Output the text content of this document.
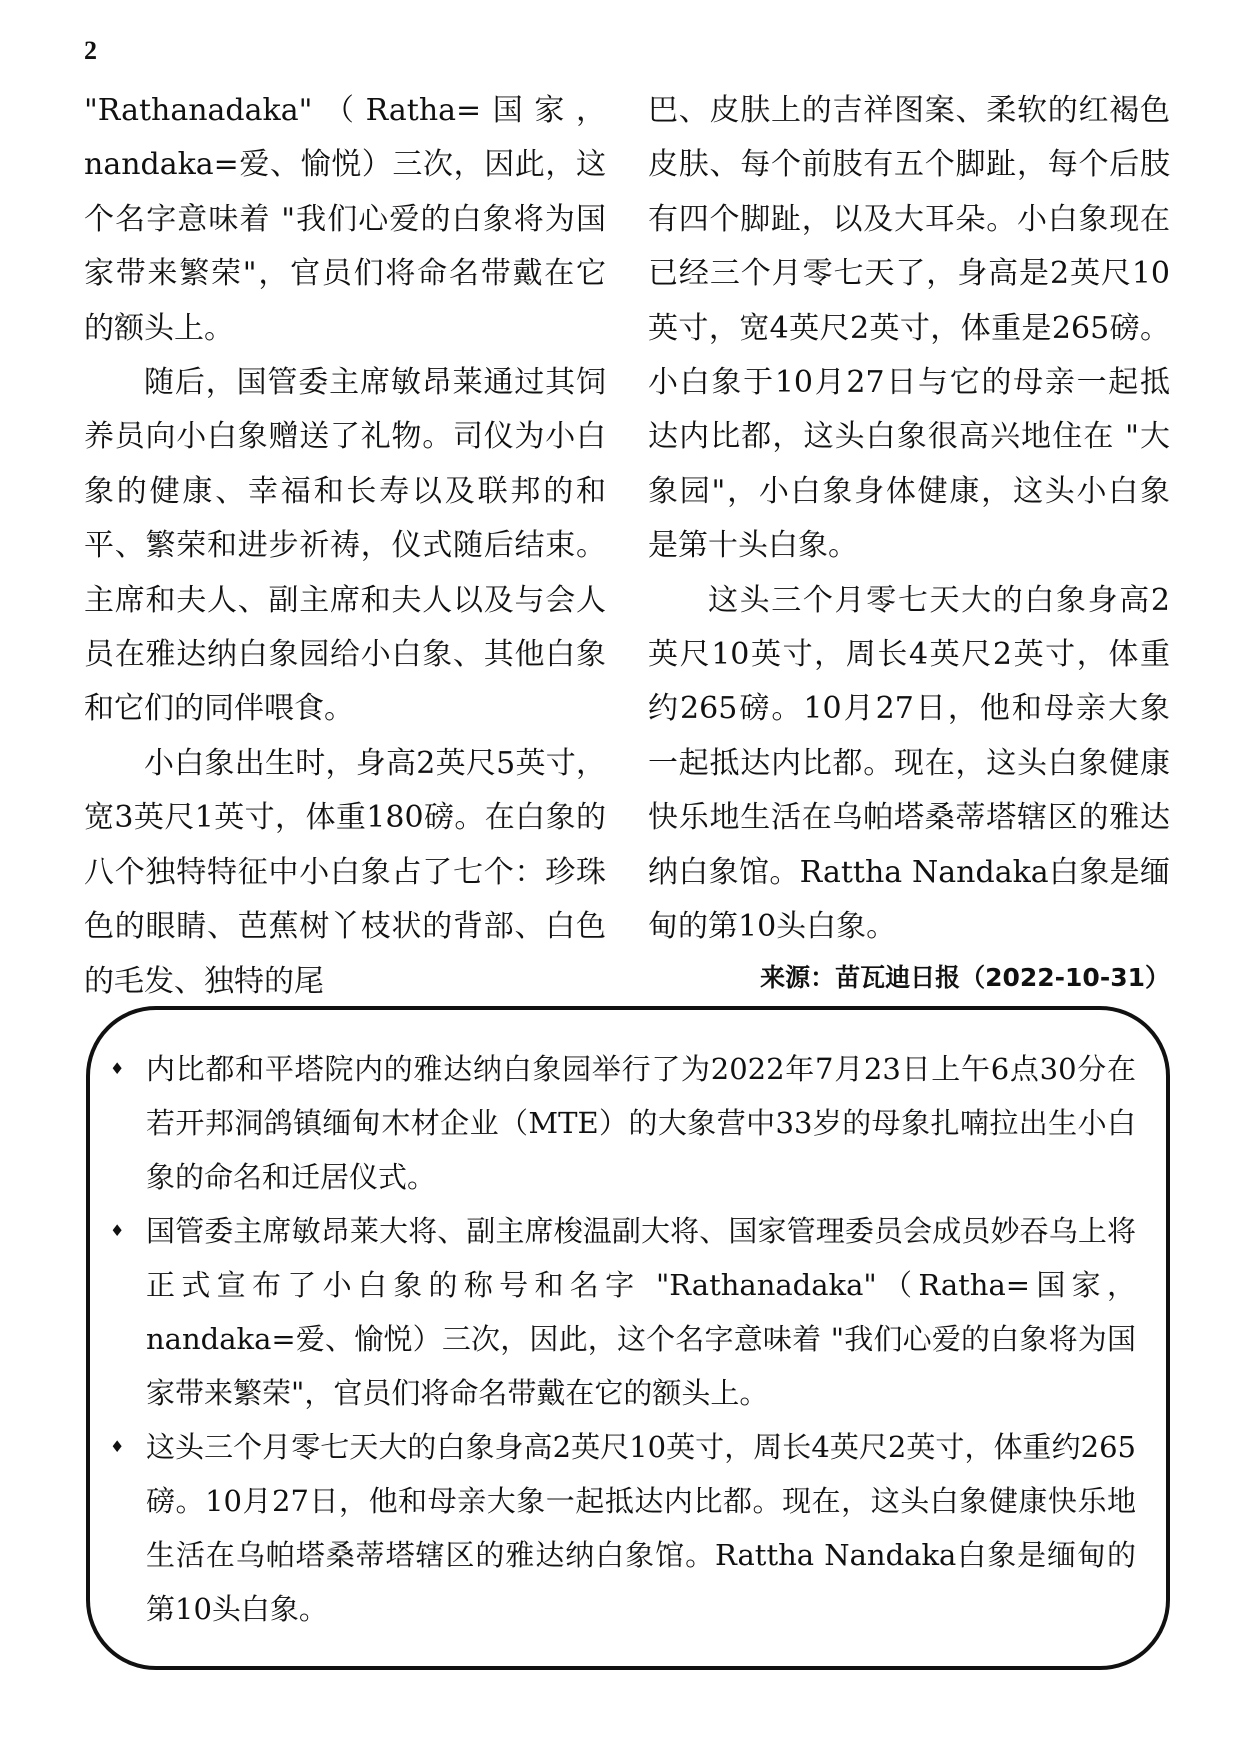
2

"Rathanadaka"（Ratha=国家，nandaka=爱、愉悦）三次，因此，这个名字意味着 "我们心爱的白象将为国家带来繁荣"，官员们将命名带戴在它的额头上。

随后，国管委主席敏昂莱通过其饲养员向小白象赠送了礼物。司仪为小白象的健康、幸福和长寿以及联邦的和平、繁荣和进步祈祷，仪式随后结束。主席和夫人、副主席和夫人以及与会人员在雅达纳白象园给小白象、其他白象和它们的同伴喂食。

小白象出生时，身高2英尺5英寸，宽3英尺1英寸，体重180磅。在白象的八个独特特征中小白象占了七个：珍珠色的眼睛、芭蕉树丫枝状的背部、白色的毛发、独特的尾

巴、皮肤上的吉祥图案、柔软的红褐色皮肤、每个前肢有五个脚趾，每个后肢有四个脚趾，以及大耳朵。小白象现在已经三个月零七天了，身高是2英尺10英寸，宽4英尺2英寸，体重是265磅。小白象于10月27日与它的母亲一起抵达内比都，这头白象很高兴地住在 "大象园"，小白象身体健康，这头小白象是第十头白象。

这头三个月零七天大的白象身高2英尺10英寸，周长4英尺2英寸，体重约265磅。10月27日，他和母亲大象一起抵达内比都。现在，这头白象健康快乐地生活在乌帕塔桑蒂塔辖区的雅达纳白象馆。Rattha Nandaka白象是缅甸的第10头白象。

来源：苗瓦迪日报（2022-10-31）
♦ 内比都和平塔院内的雅达纳白象园举行了为2022年7月23日上午6点30分在若开邦洞鸽镇缅甸木材企业（MTE）的大象营中33岁的母象扎喃拉出生小白象的命名和迁居仪式。
♦ 国管委主席敏昂莱大将、副主席梭温副大将、国家管理委员会成员妙吞乌上将正式宣布了小白象的称号和名字 "Rathanadaka"（Ratha=国家，nandaka=爱、愉悦）三次，因此，这个名字意味着 "我们心爱的白象将为国家带来繁荣"，官员们将命名带戴在它的额头上。
♦ 这头三个月零七天大的白象身高2英尺10英寸，周长4英尺2英寸，体重约265磅。10月27日，他和母亲大象一起抵达内比都。现在，这头白象健康快乐地生活在乌帕塔桑蒂塔辖区的雅达纳白象馆。Rattha Nandaka白象是缅甸的第10头白象。
